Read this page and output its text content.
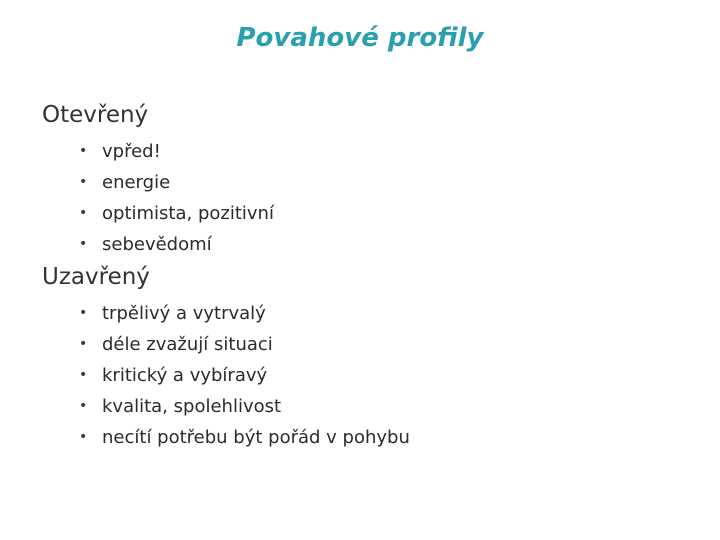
Povahové profily
Otevřený
• vpřed!
• energie
• optimista, pozitivní
• sebevědomí
Uzavřený
• trpělivý a vytrvalý
• déle zvažují situaci
• kritický a vybíravý
• kvalita, spolehlivost
• necítí potřebu být pořád v pohybu
